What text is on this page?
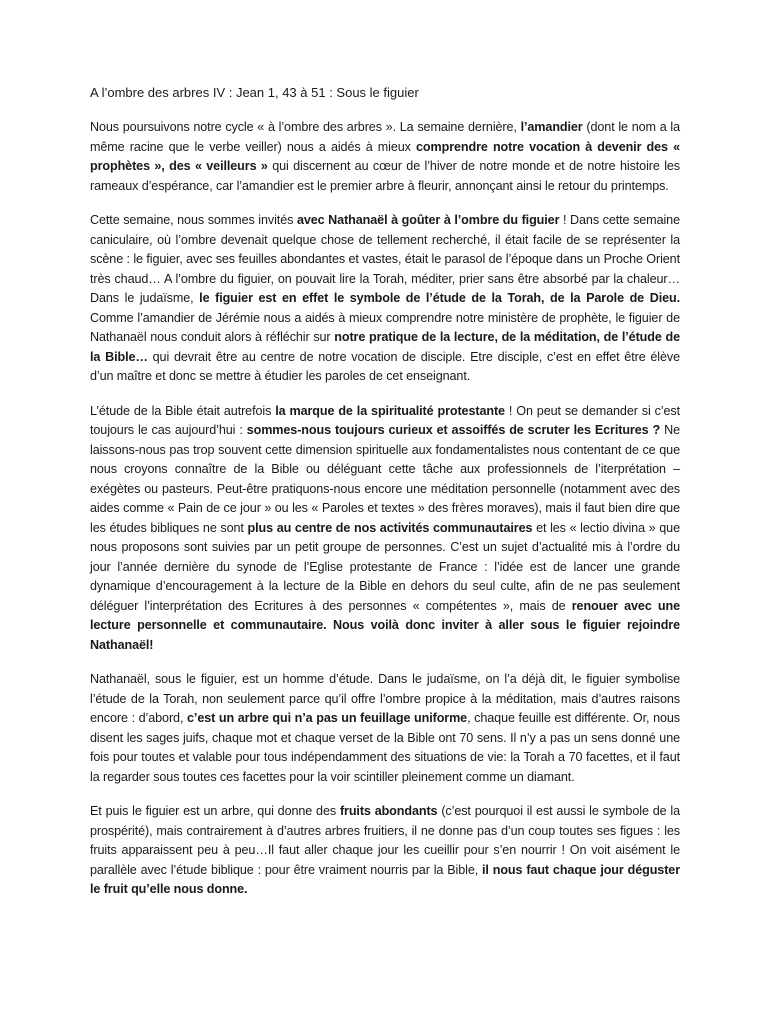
A l’ombre des arbres IV : Jean 1, 43 à 51 : Sous le figuier

Nous poursuivons notre cycle « à l’ombre des arbres ». La semaine dernière, l’amandier (dont le nom a la même racine que le verbe veiller) nous a aidés à mieux comprendre notre vocation à devenir des « prophètes », des « veilleurs » qui discernent au cœur de l’hiver de notre monde et de notre histoire les rameaux d’espérance, car l’amandier est le premier arbre à fleurir, annonçant ainsi le retour du printemps.

Cette semaine, nous sommes invités avec Nathanaël à goûter à l’ombre du figuier ! Dans cette semaine caniculaire, où l’ombre devenait quelque chose de tellement recherché, il était facile de se représenter la scène : le figuier, avec ses feuilles abondantes et vastes, était le parasol de l’époque dans un Proche Orient très chaud… A l’ombre du figuier, on pouvait lire la Torah, méditer, prier sans être absorbé par la chaleur… Dans le judaïsme, le figuier est en effet le symbole de l’étude de la Torah, de la Parole de Dieu. Comme l’amandier de Jérémie nous a aidés à mieux comprendre notre ministère de prophète, le figuier de Nathanaël nous conduit alors à réfléchir sur notre pratique de la lecture, de la méditation, de l’étude de la Bible… qui devrait être au centre de notre vocation de disciple. Etre disciple, c’est en effet être élève d’un maître et donc se mettre à étudier les paroles de cet enseignant.

L’étude de la Bible était autrefois la marque de la spiritualité protestante ! On peut se demander si c’est toujours le cas aujourd’hui : sommes-nous toujours curieux et assoiffés de scruter les Ecritures ? Ne laissons-nous pas trop souvent cette dimension spirituelle aux fondamentalistes nous contentant de ce que nous croyons connaître de la Bible ou déléguant cette tâche aux professionnels de l’iterprétation – exégètes ou pasteurs. Peut-être pratiquons-nous encore une méditation personnelle (notamment avec des aides comme « Pain de ce jour » ou les « Paroles et textes » des frères moraves), mais il faut bien dire que les études bibliques ne sont plus au centre de nos activités communautaires et les « lectio divina » que nous proposons sont suivies par un petit groupe de personnes. C’est un sujet d’actualité mis à l’ordre du jour l’année dernière du synode de l’Eglise protestante de France : l’idée est de lancer une grande dynamique d’encouragement à la lecture de la Bible en dehors du seul culte, afin de ne pas seulement déléguer l’interprétation des Ecritures à des personnes « compétentes », mais de renouer avec une lecture personnelle et communautaire. Nous voilà donc inviter à aller sous le figuier rejoindre Nathanaël!

Nathanaël, sous le figuier, est un homme d’étude. Dans le judaïsme, on l’a déjà dit, le figuier symbolise l’étude de la Torah, non seulement parce qu’il offre l’ombre propice à la méditation, mais d’autres raisons encore : d’abord, c’est un arbre qui n’a pas un feuillage uniforme, chaque feuille est différente. Or, nous disent les sages juifs, chaque mot et chaque verset de la Bible ont 70 sens. Il n’y a pas un sens donné une fois pour toutes et valable pour tous indépendamment des situations de vie: la Torah a 70 facettes, et il faut la regarder sous toutes ces facettes pour la voir scintiller pleinement comme un diamant.

Et puis le figuier est un arbre, qui donne des fruits abondants (c’est pourquoi il est aussi le symbole de la prospérité), mais contrairement à d’autres arbres fruitiers, il ne donne pas d’un coup toutes ses figues : les fruits apparaissent peu à peu…Il faut aller chaque jour les cueillir pour s’en nourrir ! On voit aisément le parallèle avec l’étude biblique : pour être vraiment nourris par la Bible, il nous faut chaque jour déguster le fruit qu’elle nous donne.
